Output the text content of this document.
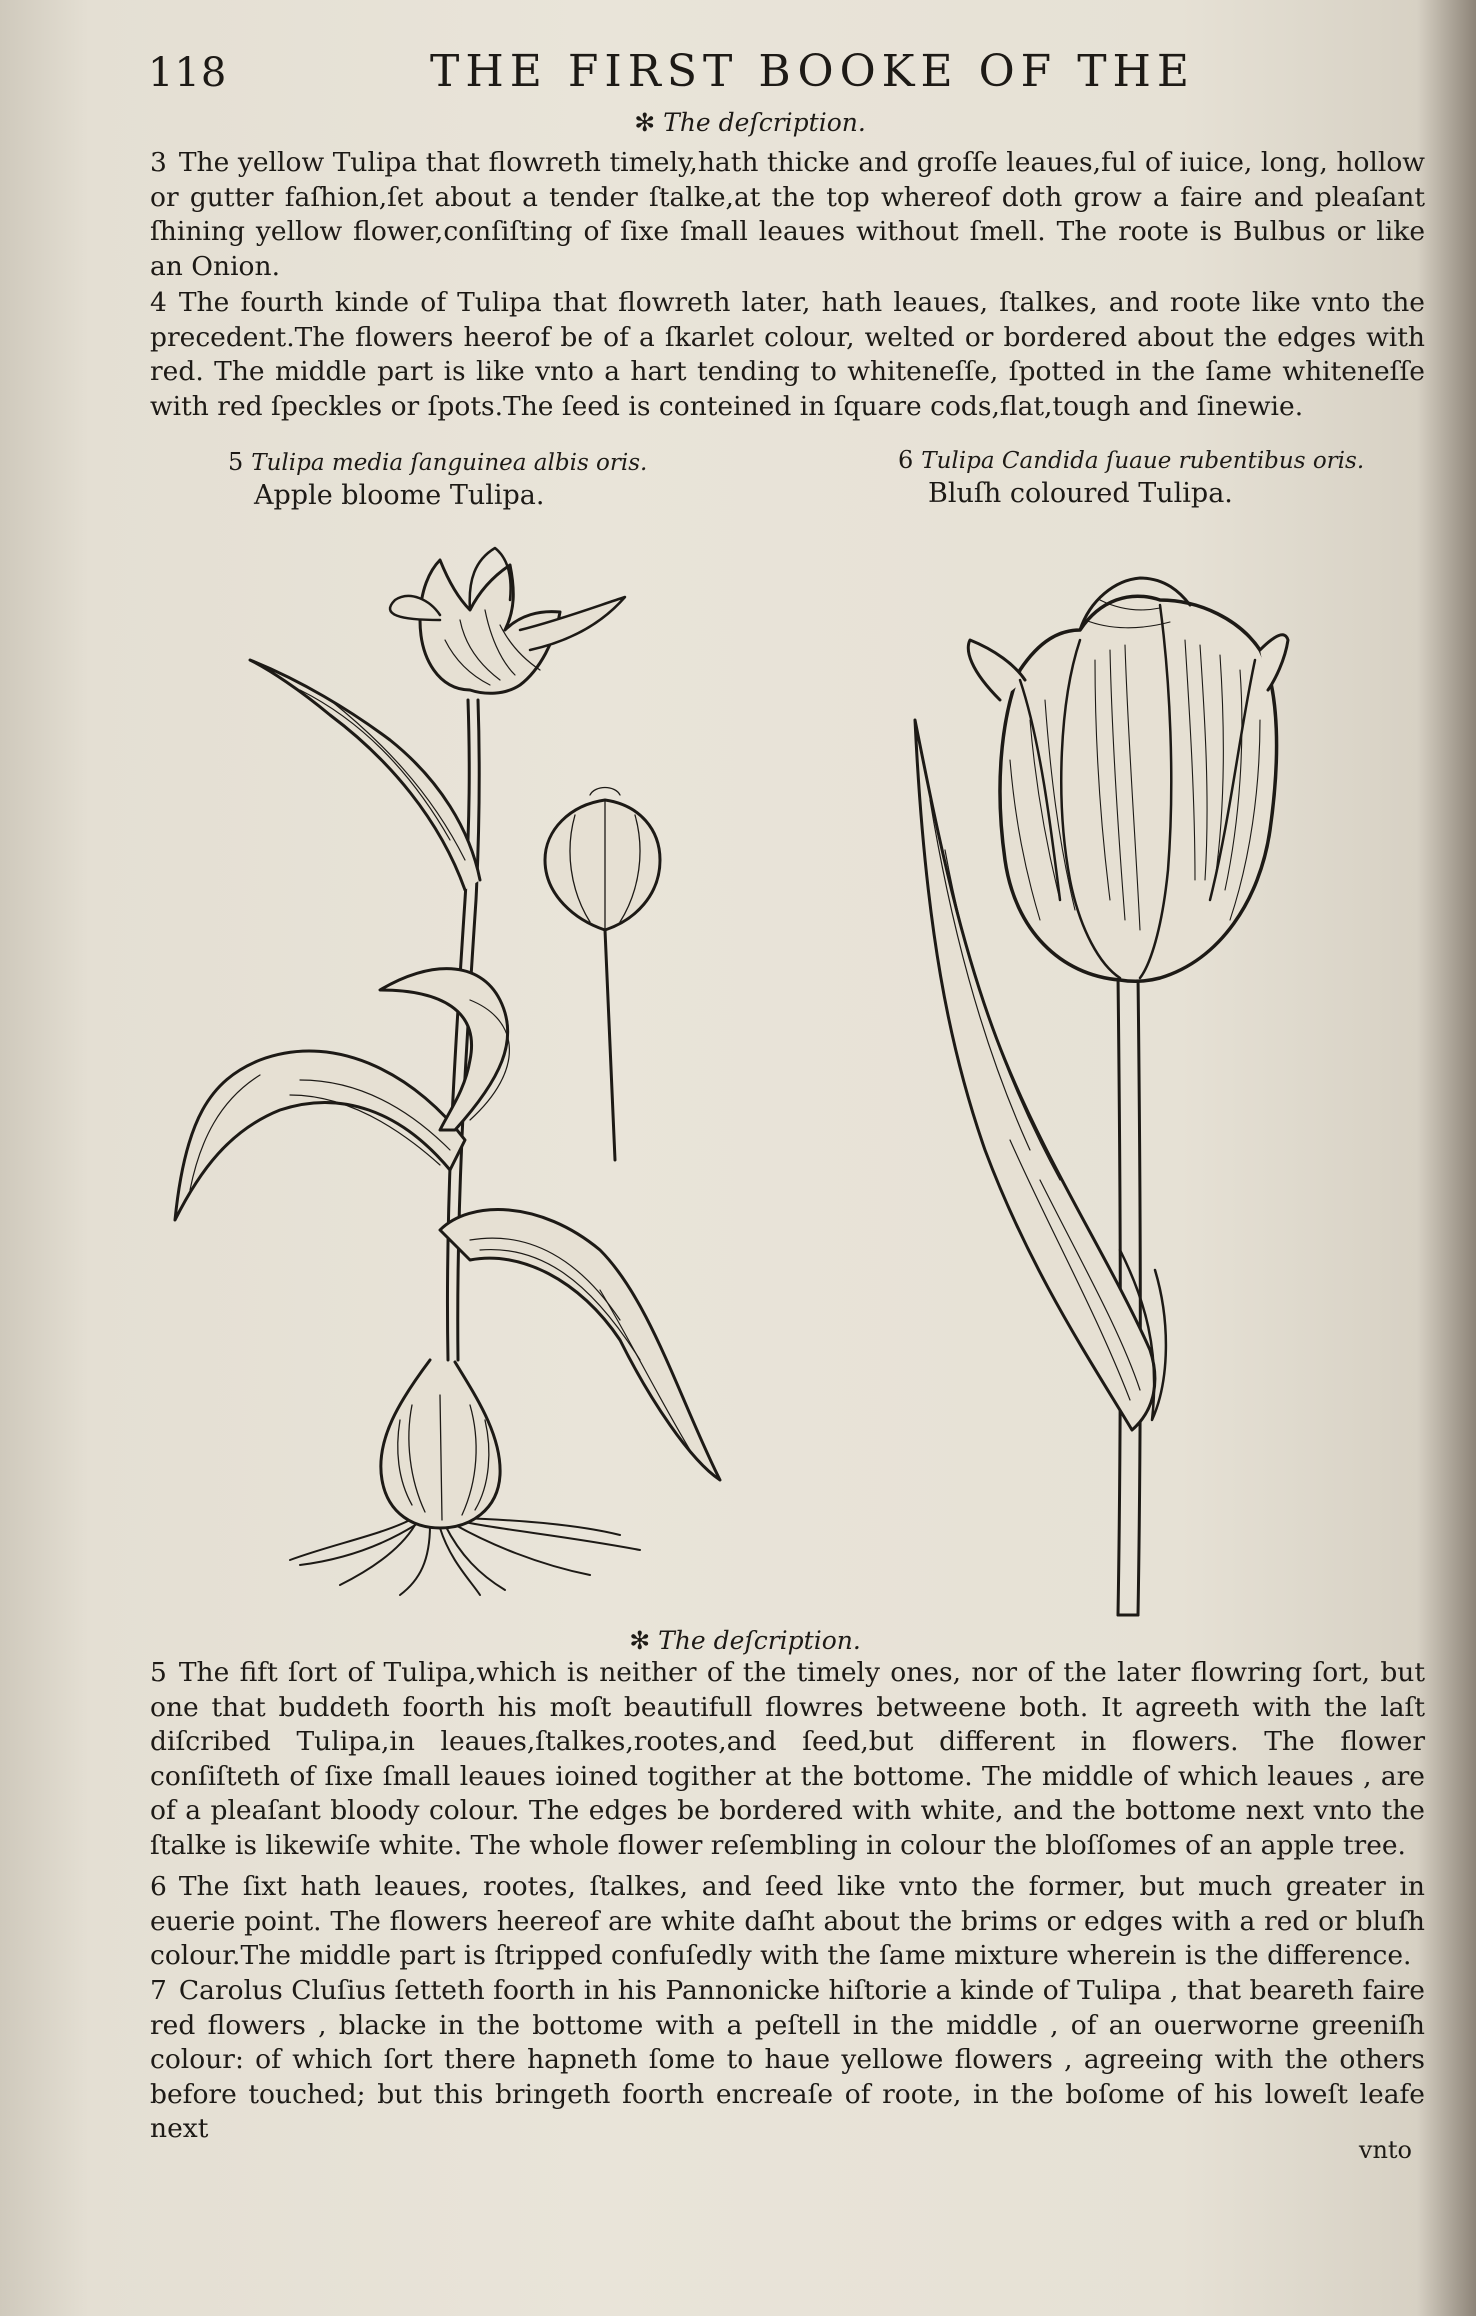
118	THE FIRST BOOKE OF THE
✻ The deſcription.
3 The yellow Tulipa that flowreth timely,hath thicke and groſſe leaues,ful of iuice, long, hollow or gutter faſhion,ſet about a tender ſtalke,at the top whereof doth grow a faire and pleaſant ſhining yellow flower,conſiſting of ſixe ſmall leaues without ſmell. The roote is Bulbus or like an Onion.
4 The fourth kinde of Tulipa that flowreth later, hath leaues, ſtalkes, and roote like vnto the precedent.The flowers heerof be of a ſkarlet colour, welted or bordered about the edges with red. The middle part is like vnto a hart tending to whiteneſſe, ſpotted in the ſame whiteneſſe with red ſpeckles or ſpots.The ſeed is conteined in ſquare cods,flat,tough and ſinewie.
5 Tulipa media ſanguinea albis oris.
Apple bloome Tulipa.
6 Tulipa Candida ſuaue rubentibus oris.
Bluſh coloured Tulipa.
✻ The deſcription.
5 The fift ſort of Tulipa,which is neither of the timely ones, nor of the later flowring ſort, but one that buddeth foorth his moſt beautifull flowres betweene both. It agreeth with the laſt diſcribed Tulipa,in leaues,ſtalkes,rootes,and ſeed,but different in flowers. The flower conſiſteth of ſixe ſmall leaues ioined togither at the bottome. The middle of which leaues , are of a pleaſant bloody colour. The edges be bordered with white, and the bottome next vnto the ſtalke is likewiſe white. The whole flower reſembling in colour the bloſſomes of an apple tree.
6 The ſixt hath leaues, rootes, ſtalkes, and ſeed like vnto the former, but much greater in euerie point. The flowers heereof are white daſht about the brims or edges with a red or bluſh colour.The middle part is ſtripped confuſedly with the ſame mixture wherein is the difference.
7 Carolus Cluſius ſetteth foorth in his Pannonicke hiſtorie a kinde of Tulipa , that beareth faire red flowers , blacke in the bottome with a peſtell in the middle , of an ouerworne greeniſh colour: of which ſort there hapneth ſome to haue yellowe flowers , agreeing with the others before touched; but this bringeth foorth encreaſe of roote, in the boſome of his loweſt leafe next
vnto
